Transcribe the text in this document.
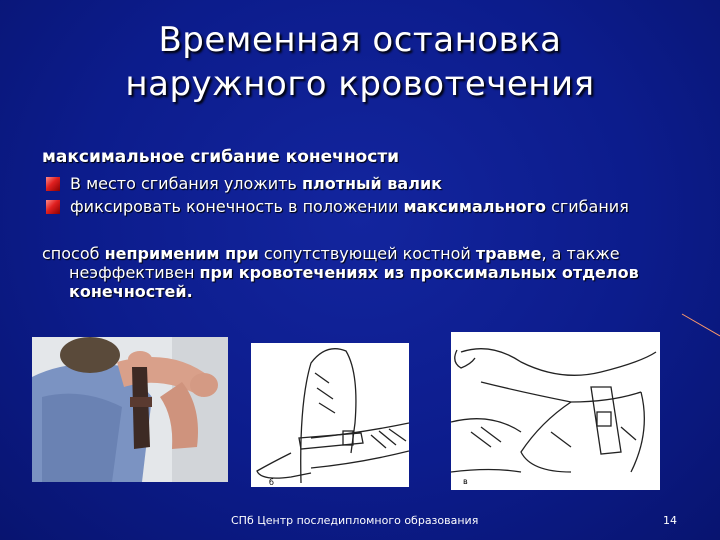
Временная остановка
наружного кровотечения
максимальное сгибание конечности
В место сгибания уложить плотный валик
фиксировать конечность в положении максимального сгибания
способ неприменим при сопутствующей костной травме, а также
неэффективен при кровотечениях из проксимальных отделов
конечностей.
б	в
СПб Центр последипломного образования	14
